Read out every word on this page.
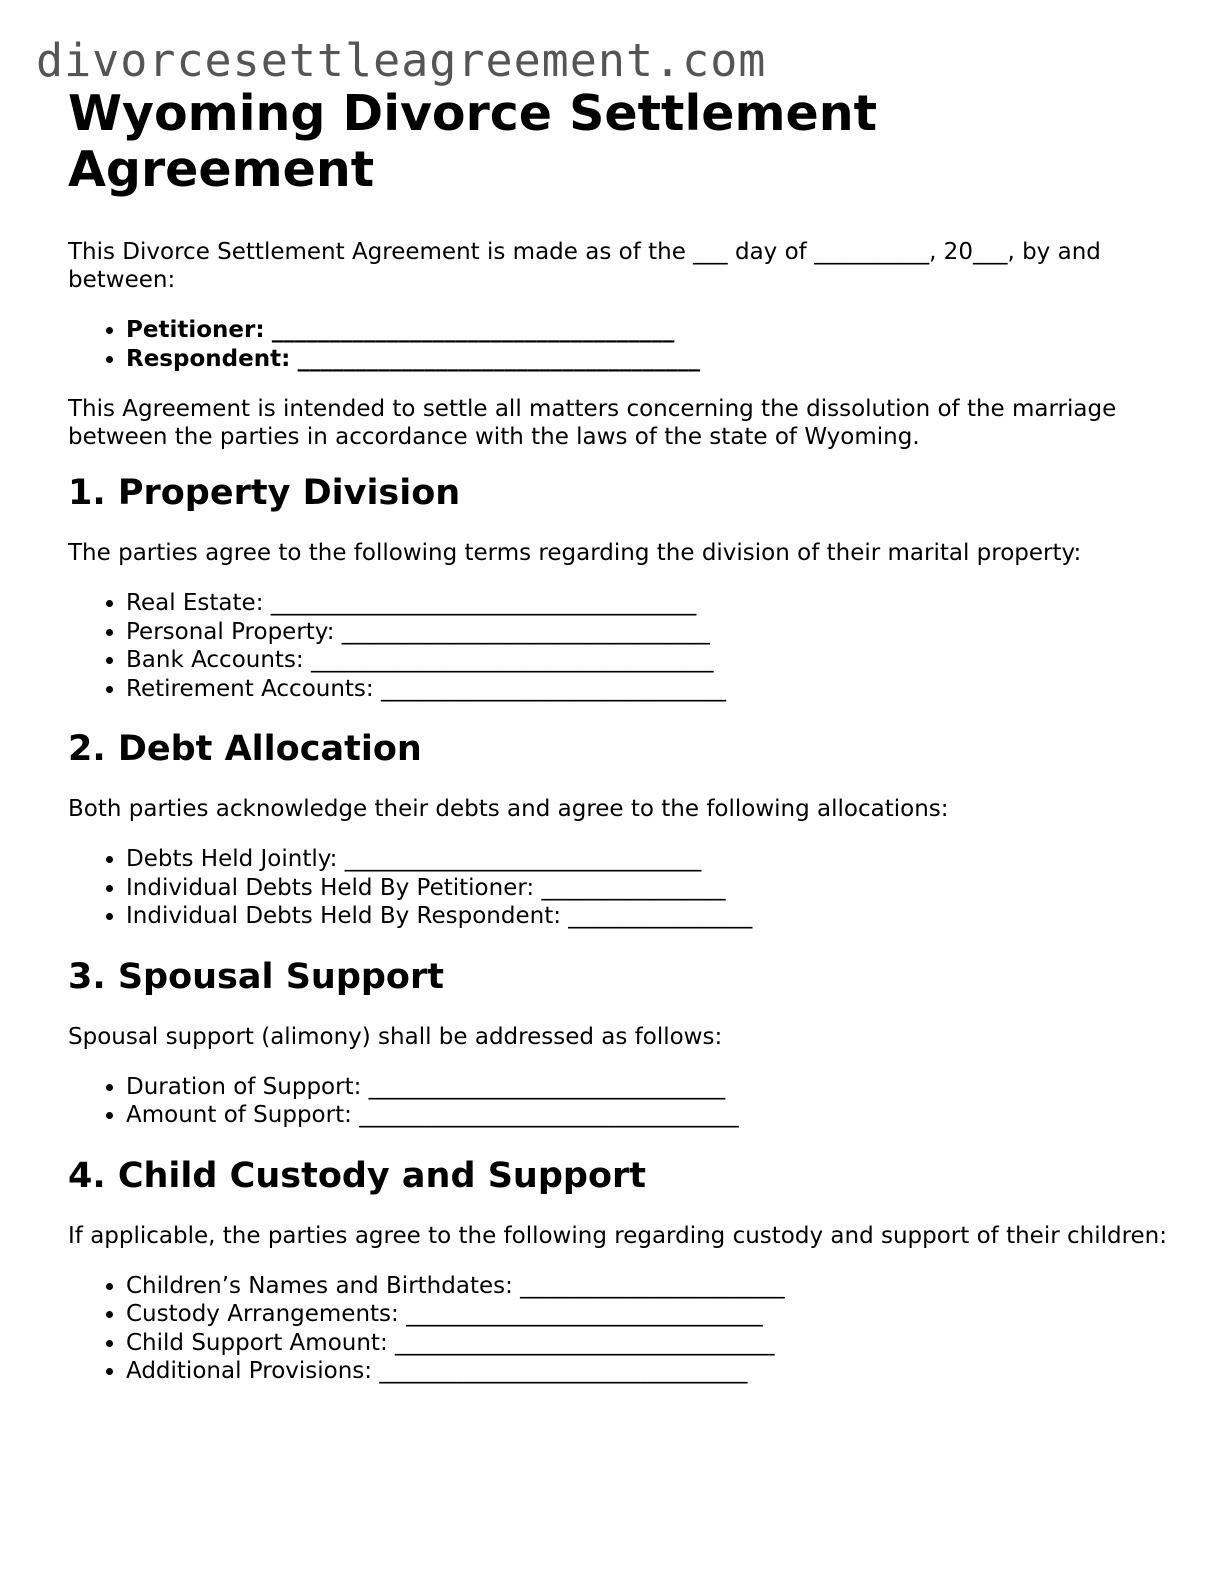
divorcesettleagreement.com
Wyoming Divorce Settlement Agreement

This Divorce Settlement Agreement is made as of the ___ day of __________, 20___, by and between:

• Petitioner: ___________________________________
• Respondent: ___________________________________

This Agreement is intended to settle all matters concerning the dissolution of the marriage between the parties in accordance with the laws of the state of Wyoming.

1. Property Division

The parties agree to the following terms regarding the division of their marital property:

• Real Estate: _____________________________________
• Personal Property: ________________________________
• Bank Accounts: ___________________________________
• Retirement Accounts: ______________________________
2. Debt Allocation

Both parties acknowledge their debts and agree to the following allocations:

• Debts Held Jointly: _______________________________
• Individual Debts Held By Petitioner: ________________
• Individual Debts Held By Respondent: ________________
3. Spousal Support

Spousal support (alimony) shall be addressed as follows:

• Duration of Support: _______________________________
• Amount of Support: _________________________________
4. Child Custody and Support

If applicable, the parties agree to the following regarding custody and support of their children:

• Children’s Names and Birthdates: _______________________
• Custody Arrangements: _______________________________
• Child Support Amount: _________________________________
• Additional Provisions: ________________________________
